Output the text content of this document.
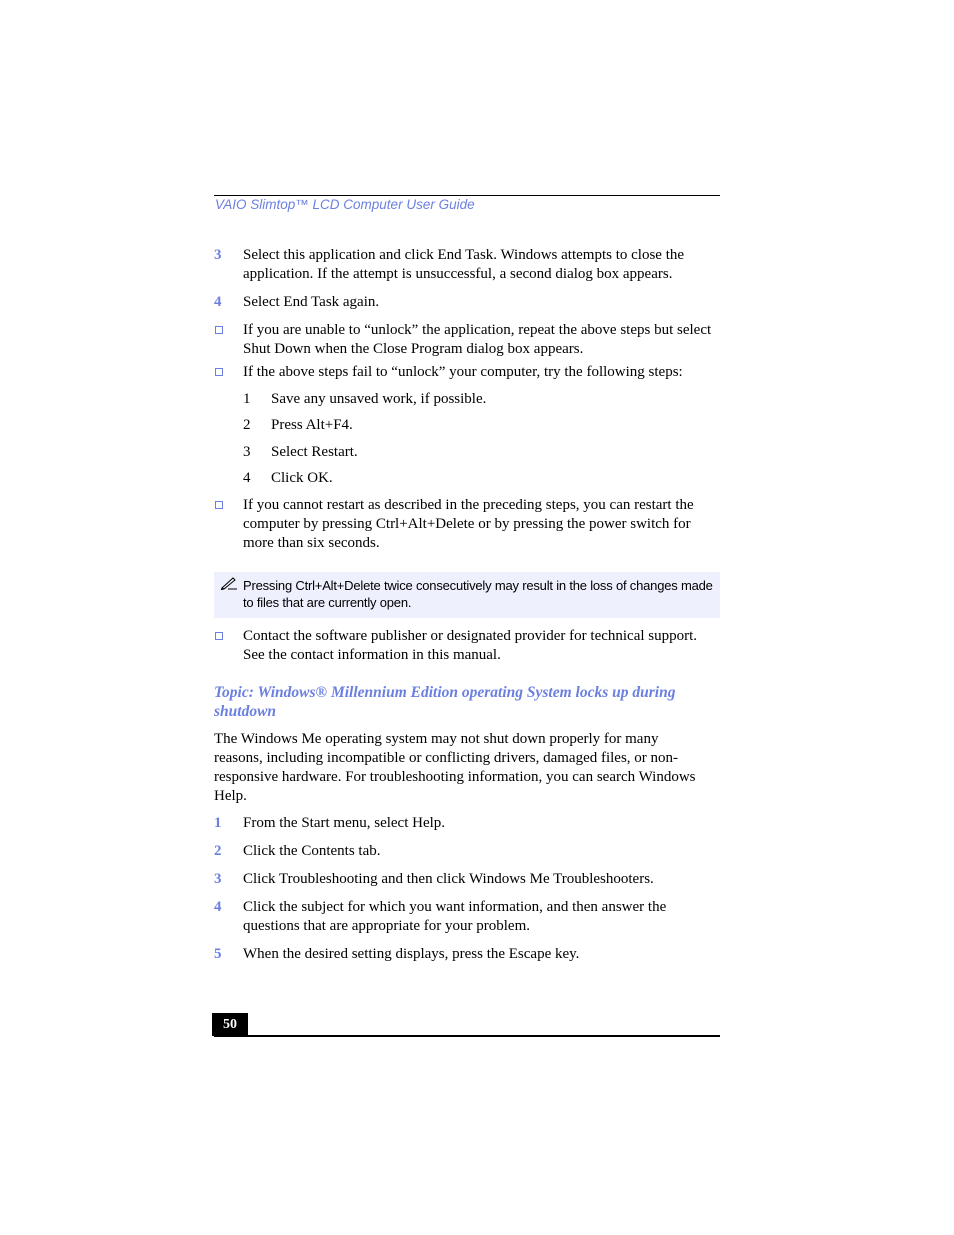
VAIO Slimtop™ LCD Computer User Guide
3 Select this application and click End Task. Windows attempts to close the application. If the attempt is unsuccessful, a second dialog box appears.
4 Select End Task again.
If you are unable to “unlock” the application, repeat the above steps but select Shut Down when the Close Program dialog box appears.
If the above steps fail to “unlock” your computer, try the following steps:
1 Save any unsaved work, if possible.
2 Press Alt+F4.
3 Select Restart.
4 Click OK.
If you cannot restart as described in the preceding steps, you can restart the computer by pressing Ctrl+Alt+Delete or by pressing the power switch for more than six seconds.
Pressing Ctrl+Alt+Delete twice consecutively may result in the loss of changes made to files that are currently open.
Contact the software publisher or designated provider for technical support. See the contact information in this manual.
Topic: Windows® Millennium Edition operating System locks up during shutdown
The Windows Me operating system may not shut down properly for many reasons, including incompatible or conflicting drivers, damaged files, or non-responsive hardware. For troubleshooting information, you can search Windows Help.
1 From the Start menu, select Help.
2 Click the Contents tab.
3 Click Troubleshooting and then click Windows Me Troubleshooters.
4 Click the subject for which you want information, and then answer the questions that are appropriate for your problem.
5 When the desired setting displays, press the Escape key.
50
